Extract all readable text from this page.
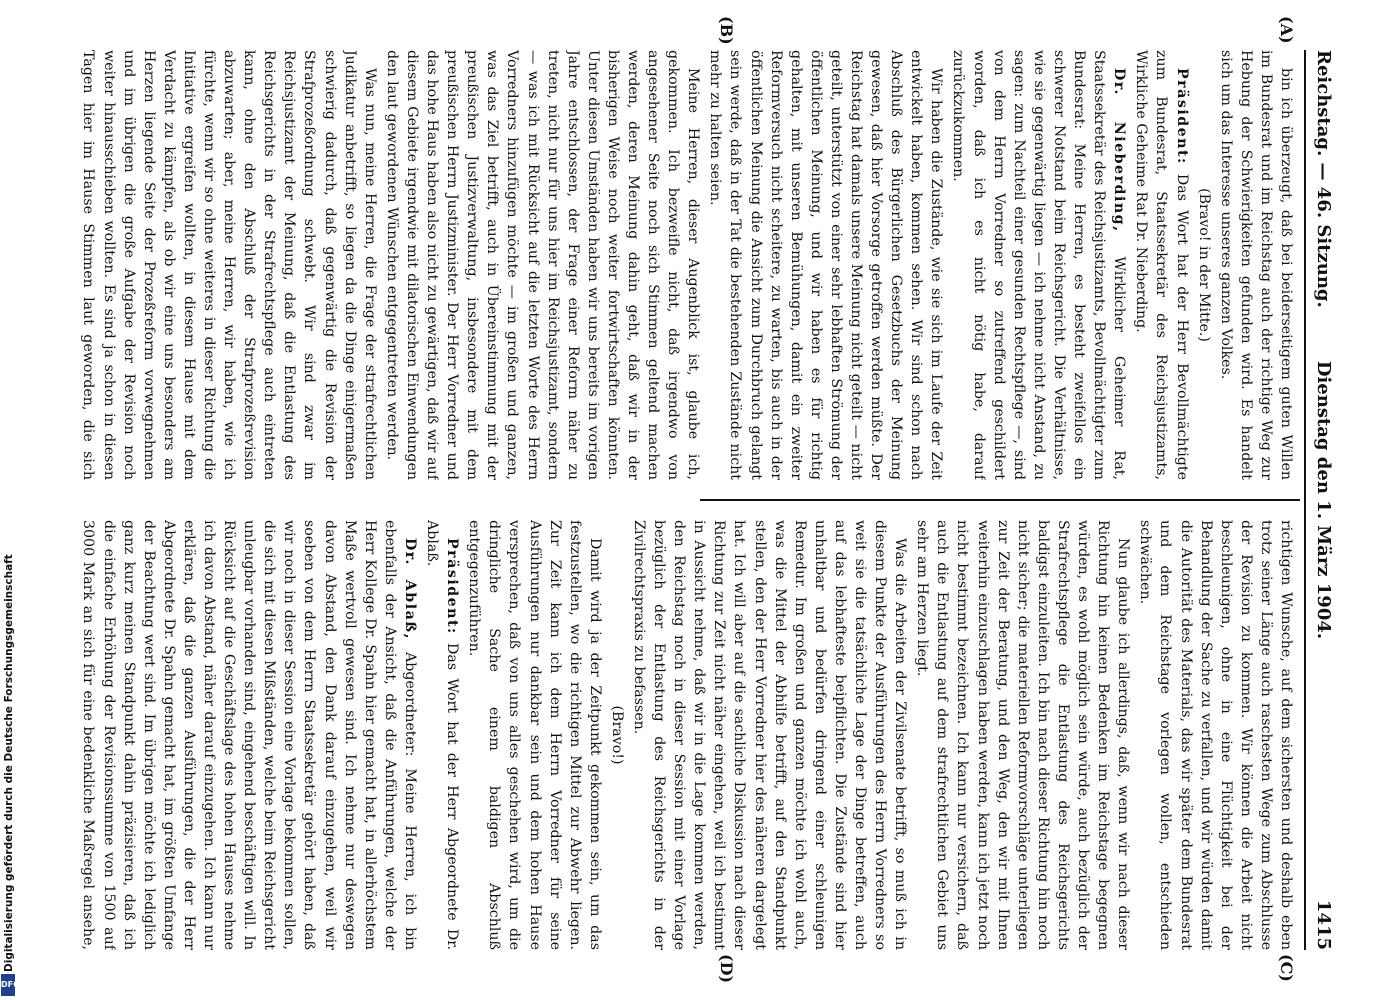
Reichstag. — 46. Sitzung.
Dienstag den 1. März 1904.
1415
(A)
(B)
(C)
(D)

bin ich überzeugt, daß bei beiderseitigem guten Willen im Bundesrat und im Reichstag auch der richtige Weg zur Hebung der Schwierigkeiten gefunden wird. Es handelt sich um das Interesse unseres ganzen Volkes.

(Bravo! in der Mitte.)

Präsident: Das Wort hat der Herr Bevollmächtigte zum Bundesrat, Staatssekretär des Reichsjustizamts, Wirkliche Geheime Rat Dr. Nieberding.

Dr. Nieberding, Wirklicher Geheimer Rat, Staatssekretär des Reichsjustizamts, Bevollmächtigter zum Bundesrat: Meine Herren, es besteht zweifellos ein schwerer Notstand beim Reichsgericht. Die Verhältnisse, wie sie gegenwärtig liegen — ich nehme nicht Anstand, zu sagen: zum Nachteil einer gesunden Rechtspflege —, sind von dem Herrn Vorredner so zutreffend geschildert worden, daß ich es nicht nötig habe, darauf zurückzukommen.

Wir haben die Zustände, wie sie sich im Laufe der Zeit entwickelt haben, kommen sehen. Wir sind schon nach Abschluß des Bürgerlichen Gesetzbuchs der Meinung gewesen, daß hier Vorsorge getroffen werden müßte. Der Reichstag hat damals unsere Meinung nicht geteilt — nicht geteilt, unterstützt von einer sehr lebhaften Strömung der öffentlichen Meinung, und wir haben es für richtig gehalten, mit unseren Bemühungen, damit ein zweiter Reformversuch nicht scheitere, zu warten, bis auch in der öffentlichen Meinung die Ansicht zum Durchbruch gelangt sein werde, daß in der Tat die bestehenden Zustände nicht mehr zu halten seien.

Meine Herren, dieser Augenblick ist, glaube ich, gekommen. Ich bezweifle nicht, daß irgendwo von angesehener Seite noch sich Stimmen geltend machen werden, deren Meinung dahin geht, daß wir in der bisherigen Weise noch weiter fortwirtschaften könnten. Unter diesen Umständen haben wir uns bereits im vorigen Jahre entschlossen, der Frage einer Reform näher zu treten, nicht nur für uns hier im Reichsjustizamt, sondern — was ich mit Rücksicht auf die letzten Worte des Herrn Vorredners hinzufügen möchte — im großen und ganzen, was das Ziel betrifft, auch in Übereinstimmung mit der preußischen Justizverwaltung, insbesondere mit dem preußischen Herrn Justizminister. Der Herr Vorredner und das hohe Haus haben also nicht zu gewärtigen, daß wir auf diesem Gebiete irgendwie mit dilatorischen Einwendungen den laut gewordenen Wünschen entgegentreten werden.

Was nun, meine Herren, die Frage der strafrechtlichen Judikatur anbetrifft, so liegen da die Dinge einigermaßen schwierig dadurch, daß gegenwärtig die Revision der Strafprozeßordnung schwebt. Wir sind zwar im Reichsjustizamt der Meinung, daß die Entlastung des Reichsgerichts in der Strafrechtspflege auch eintreten kann, ohne den Abschluß der Strafprozeßrevision abzuwarten; aber, meine Herren, wir haben, wie ich fürchte, wenn wir so ohne weiteres in dieser Richtung die Initiative ergreifen wollten, in diesem Hause mit dem Verdacht zu kämpfen, als ob wir eine uns besonders am Herzen liegende Seite der Prozeßreform vorwegnehmen und im übrigen die große Aufgabe der Revision noch weiter hinausschieben wollten. Es sind ja schon in diesen Tagen hier im Hause Stimmen laut geworden, die sich

richtigen Wunsche, auf dem sichersten und deshalb eben trotz seiner Länge auch raschesten Wege zum Abschlusse der Revision zu kommen. Wir können die Arbeit nicht beschleunigen, ohne in eine Flüchtigkeit bei der Behandlung der Sache zu verfallen, und wir würden damit die Autorität des Materials, das wir später dem Bundesrat und dem Reichstage vorlegen wollen, entschieden schwächen.

Nun glaube ich allerdings, daß, wenn wir nach dieser Richtung hin keinen Bedenken im Reichstage begegnen würden, es wohl möglich sein würde, auch bezüglich der Strafrechtspflege die Entlastung des Reichsgerichts baldigst einzuleiten. Ich bin nach dieser Richtung hin noch nicht sicher; die materiellen Reformvorschläge unterliegen zur Zeit der Beratung, und den Weg, den wir mit Ihnen weiterhin einzuschlagen haben werden, kann ich jetzt noch nicht bestimmt bezeichnen. Ich kann nur versichern, daß auch die Entlastung auf dem strafrechtlichen Gebiet uns sehr am Herzen liegt.

Was die Arbeiten der Zivilsenate betrifft, so muß ich in diesem Punkte der Ausführungen des Herrn Vorredners so weit sie die tatsächliche Lage der Dinge betreffen, auch auf das lebhafteste beipflichten. Die Zustände sind hier unhaltbar und bedürfen dringend einer schleunigen Remedur. Im großen und ganzen möchte ich wohl auch, was die Mittel der Abhilfe betrifft, auf den Standpunkt stellen, den der Herr Vorredner hier des näheren dargelegt hat. Ich will aber auf die sachliche Diskussion nach dieser Richtung zur Zeit nicht näher eingehen, weil ich bestimmt in Aussicht nehme, daß wir in die Lage kommen werden, den Reichstag noch in dieser Session mit einer Vorlage bezüglich der Entlastung des Reichsgerichts in der Zivilrechtspraxis zu befassen.

(Bravo!)

Damit wird ja der Zeitpunkt gekommen sein, um das festzustellen, wo die richtigen Mittel zur Abwehr liegen. Zur Zeit kann ich dem Herrn Vorredner für seine Ausführungen nur dankbar sein und dem hohen Hause versprechen, daß von uns alles geschehen wird, um die dringliche Sache einem baldigen Abschluß entgegenzuführen.

Präsident: Das Wort hat der Herr Abgeordnete Dr. Ablaß.

Dr. Ablaß, Abgeordneter: Meine Herren, ich bin ebenfalls der Ansicht, daß die Anführungen, welche der Herr Kollege Dr. Spahn hier gemacht hat, in allerhöchstem Maße wertvoll gewesen sind. Ich nehme nur deswegen davon Abstand, den Dank darauf einzugehen, weil wir soeben von dem Herrn Staatssekretär gehört haben, daß wir noch in dieser Session eine Vorlage bekommen sollen, die sich mit diesen Mißständen, welche beim Reichsgericht unleugbar vorhanden sind, eingehend beschäftigen will. In Rücksicht auf die Geschäftslage des hohen Hauses nehme ich davon Abstand, näher darauf einzugehen. Ich kann nur erklären, daß die ganzen Ausführungen, die der Herr Abgeordnete Dr. Spahn gemacht hat, im größten Umfange der Beachtung wert sind. Im übrigen möchte ich lediglich ganz kurz meinen Standpunkt dahin präzisieren, daß ich die einfache Erhöhung der Revisionssumme von 1500 auf 3000 Mark an sich für eine bedenkliche Maßregel ansehe,

Digitalisierung gefördert durch die Deutsche Forschungsgemeinschaft
DFG
